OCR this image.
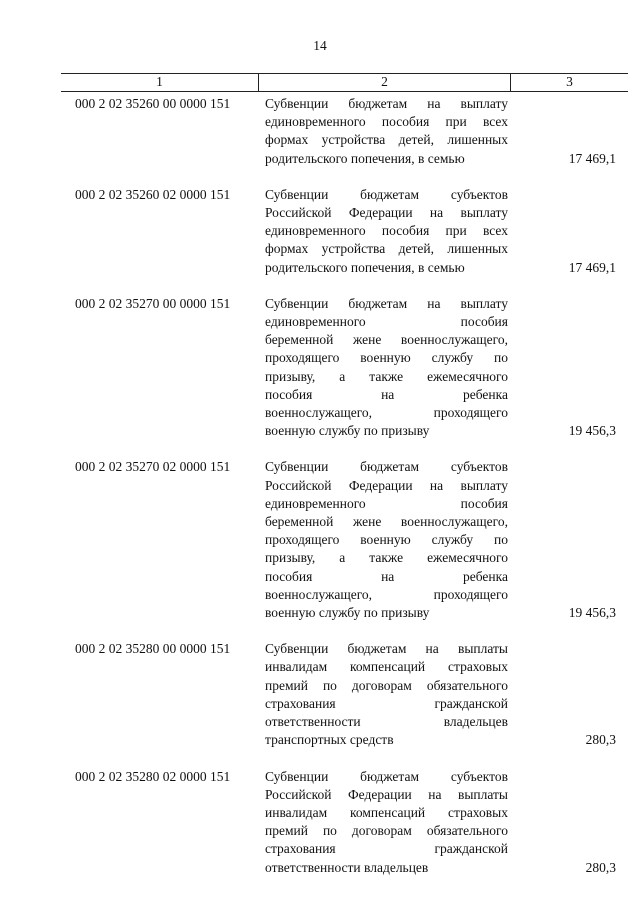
14
1	2	3
000 2 02 35260 00 0000 151	Субвенции бюджетам на выплату
единовременного пособия при всех
формах устройства детей, лишенных
родительского попечения, в семью	17 469,1
000 2 02 35260 02 0000 151	Субвенции бюджетам субъектов
Российской Федерации на выплату
единовременного пособия при всех
формах устройства детей, лишенных
родительского попечения, в семью	17 469,1
000 2 02 35270 00 0000 151	Субвенции бюджетам на выплату
единовременного пособия
беременной жене военнослужащего,
проходящего военную службу по
призыву, а также ежемесячного
пособия на ребенка
военнослужащего, проходящего
военную службу по призыву	19 456,3
000 2 02 35270 02 0000 151	Субвенции бюджетам субъектов
Российской Федерации на выплату
единовременного пособия
беременной жене военнослужащего,
проходящего военную службу по
призыву, а также ежемесячного
пособия на ребенка
военнослужащего, проходящего
военную службу по призыву	19 456,3
000 2 02 35280 00 0000 151	Субвенции бюджетам на выплаты
инвалидам компенсаций страховых
премий по договорам обязательного
страхования гражданской
ответственности владельцев
транспортных средств	280,3
000 2 02 35280 02 0000 151	Субвенции бюджетам субъектов
Российской Федерации на выплаты
инвалидам компенсаций страховых
премий по договорам обязательного
страхования гражданской
ответственности владельцев	280,3
